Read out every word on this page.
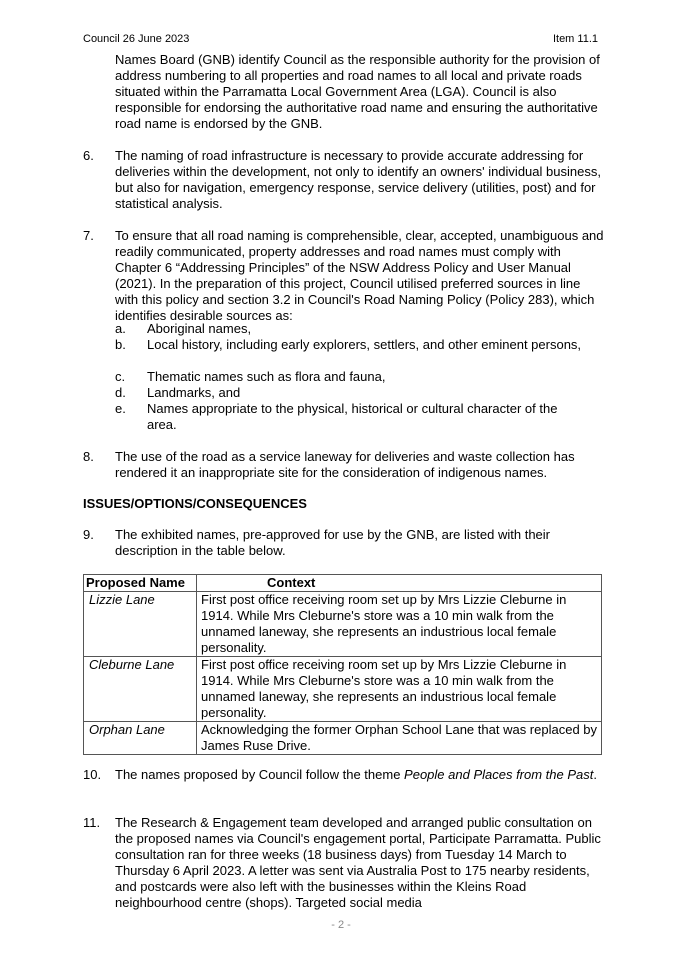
Council 26 June 2023	Item 11.1
Names Board (GNB) identify Council as the responsible authority for the provision of address numbering to all properties and road names to all local and private roads situated within the Parramatta Local Government Area (LGA). Council is also responsible for endorsing the authoritative road name and ensuring the authoritative road name is endorsed by the GNB.
6. The naming of road infrastructure is necessary to provide accurate addressing for deliveries within the development, not only to identify an owners' individual business, but also for navigation, emergency response, service delivery (utilities, post) and for statistical analysis.
7. To ensure that all road naming is comprehensible, clear, accepted, unambiguous and readily communicated, property addresses and road names must comply with Chapter 6 “Addressing Principles” of the NSW Address Policy and User Manual (2021). In the preparation of this project, Council utilised preferred sources in line with this policy and section 3.2 in Council's Road Naming Policy (Policy 283), which identifies desirable sources as:
a. Aboriginal names,
b. Local history, including early explorers, settlers, and other eminent persons,
c. Thematic names such as flora and fauna,
d. Landmarks, and
e. Names appropriate to the physical, historical or cultural character of the area.
8. The use of the road as a service laneway for deliveries and waste collection has rendered it an inappropriate site for the consideration of indigenous names.
ISSUES/OPTIONS/CONSEQUENCES
9. The exhibited names, pre-approved for use by the GNB, are listed with their description in the table below.
Proposed Name	Context
Lizzie Lane	First post office receiving room set up by Mrs Lizzie Cleburne in 1914. While Mrs Cleburne's store was a 10 min walk from the unnamed laneway, she represents an industrious local female personality.
Cleburne Lane	First post office receiving room set up by Mrs Lizzie Cleburne in 1914. While Mrs Cleburne's store was a 10 min walk from the unnamed laneway, she represents an industrious local female personality.
Orphan Lane	Acknowledging the former Orphan School Lane that was replaced by James Ruse Drive.
10. The names proposed by Council follow the theme People and Places from the Past.
11. The Research & Engagement team developed and arranged public consultation on the proposed names via Council's engagement portal, Participate Parramatta. Public consultation ran for three weeks (18 business days) from Tuesday 14 March to Thursday 6 April 2023. A letter was sent via Australia Post to 175 nearby residents, and postcards were also left with the businesses within the Kleins Road neighbourhood centre (shops). Targeted social media
- 2 -
